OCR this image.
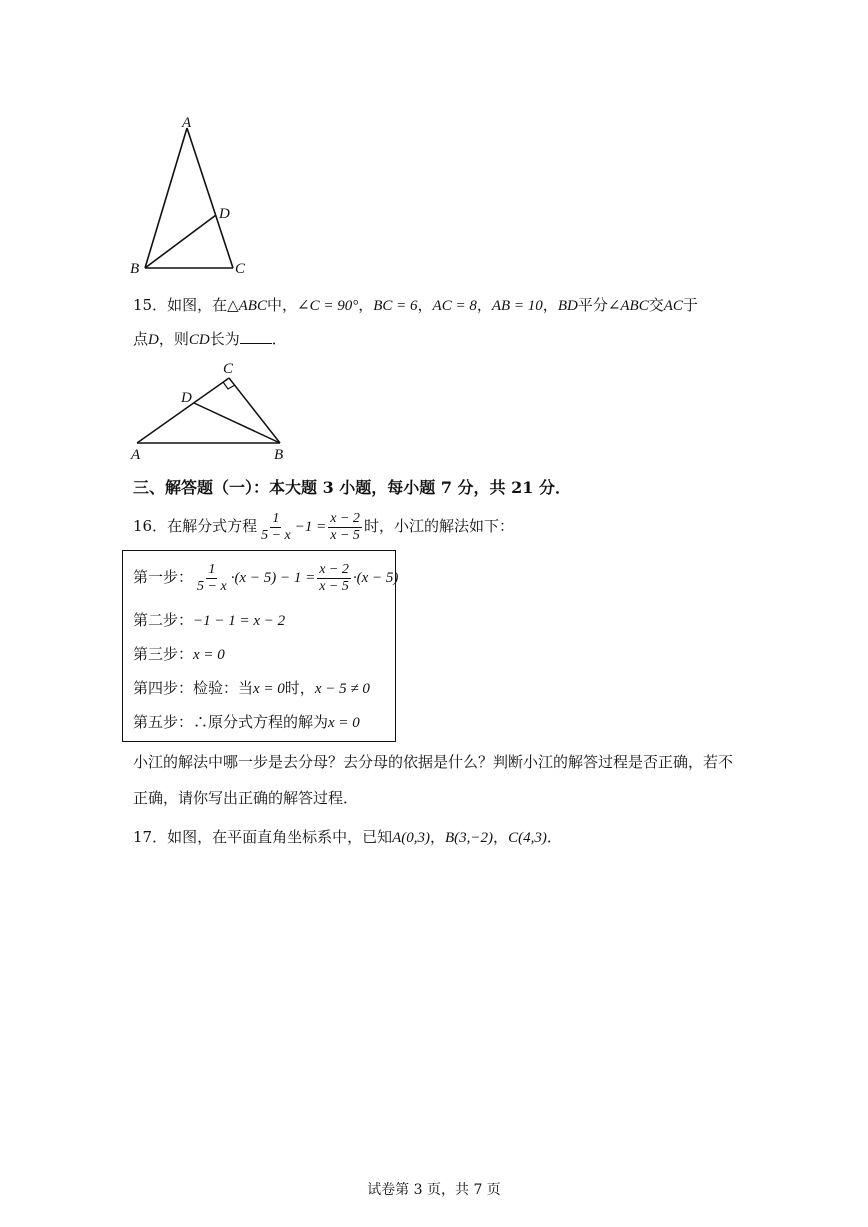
A
D
B	C
15．如图，在△ABC中，∠C = 90°，BC = 6，AC = 8，AB = 10，BD平分∠ABC交AC于
点D，则CD长为 ．
C
D
A	B
三、解答题（一）：本大题 3 小题，每小题 7 分，共 21 分．
16．在解分式方程 $\frac{1}{5 - x} -1 = \frac{x - 2}{x - 5}$ 时，小江的解法如下：
第一步： $\frac{1}{5 - x} \cdot(x - 5) - 1 = \frac{x - 2}{x - 5} \cdot(x - 5)$
第二步：−1 − 1 = x − 2
第三步：x = 0
第四步：检验：当x = 0时，x − 5 ≠ 0
第五步：∴原分式方程的解为x = 0
小江的解法中哪一步是去分母？去分母的依据是什么？判断小江的解答过程是否正确，若不
正确，请你写出正确的解答过程．
17．如图，在平面直角坐标系中，已知A(0,3)，B(3,−2)，C(4,3)．
试卷第 3 页，共 7 页
